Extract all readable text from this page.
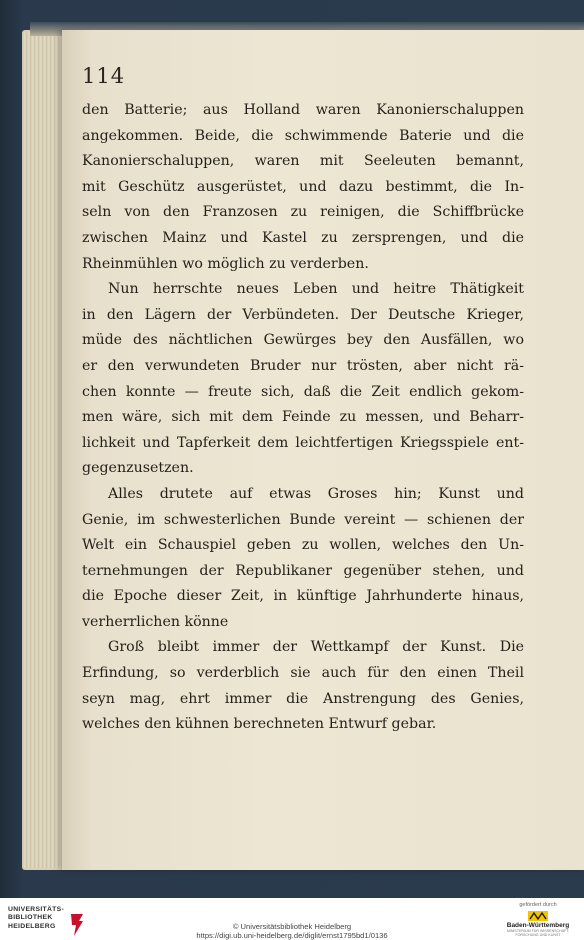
114
den Batterie; aus Holland waren Kanonierschaluppen
angekommen. Beide, die schwimmende Baterie und die
Kanonierschaluppen, waren mit Seeleuten bemannt,
mit Geschütz ausgerüstet, und dazu bestimmt, die In-
seln von den Franzosen zu reinigen, die Schiffbrücke
zwischen Mainz und Kastel zu zersprengen, und die
Rheinmühlen wo möglich zu verderben.
Nun herrschte neues Leben und heitre Thätigkeit
in den Lägern der Verbündeten. Der Deutsche Krieger,
müde des nächtlichen Gewürges bey den Ausfällen, wo
er den verwundeten Bruder nur trösten, aber nicht rä-
chen konnte — freute sich, daß die Zeit endlich gekom-
men wäre, sich mit dem Feinde zu messen, und Beharr-
lichkeit und Tapferkeit dem leichtfertigen Kriegsspiele ent-
gegenzusetzen.
Alles drutete auf etwas Groses hin; Kunst und
Genie, im schwesterlichen Bunde vereint — schienen der
Welt ein Schauspiel geben zu wollen, welches den Un-
ternehmungen der Republikaner gegenüber stehen, und
die Epoche dieser Zeit, in künftige Jahrhunderte hinaus,
verherrlichen könne
Groß bleibt immer der Wettkampf der Kunst. Die
Erfindung, so verderblich sie auch für den einen Theil
seyn mag, ehrt immer die Anstrengung des Genies,
welches den kühnen berechneten Entwurf gebar.
UNIVERSITÄTS-
BIBLIOTHEK
HEIDELBERG	© Universitätsbibliothek Heidelberg
https://digi.ub.uni-heidelberg.de/diglit/ernst1795bd1/0136
gefördert durch
Baden-Württemberg
MINISTERIUM FÜR WISSENSCHAFT, FORSCHUNG UND KUNST
